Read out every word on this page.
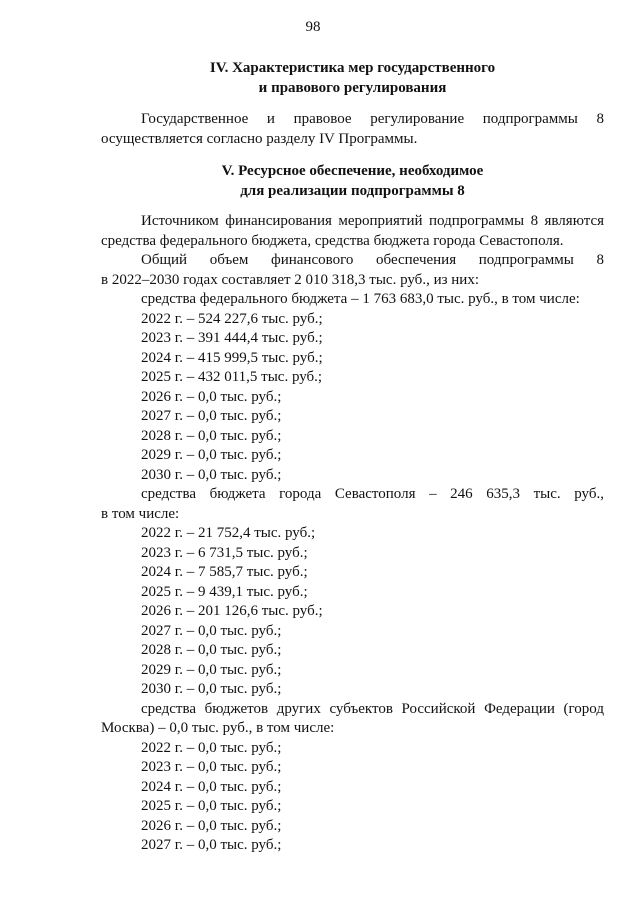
98
IV. Характеристика мер государственного
и правового регулирования
Государственное и правовое регулирование подпрограммы 8
осуществляется согласно разделу IV Программы.
V. Ресурсное обеспечение, необходимое
для реализации подпрограммы 8
Источником финансирования мероприятий подпрограммы 8 являются
средства федерального бюджета, средства бюджета города Севастополя.
Общий объем финансового обеспечения подпрограммы 8
в 2022–2030 годах составляет 2 010 318,3 тыс. руб., из них:
средства федерального бюджета – 1 763 683,0 тыс. руб., в том числе:
2022 г. – 524 227,6 тыс. руб.;
2023 г. – 391 444,4 тыс. руб.;
2024 г. – 415 999,5 тыс. руб.;
2025 г. – 432 011,5 тыс. руб.;
2026 г. – 0,0 тыс. руб.;
2027 г. – 0,0 тыс. руб.;
2028 г. – 0,0 тыс. руб.;
2029 г. – 0,0 тыс. руб.;
2030 г. – 0,0 тыс. руб.;
средства бюджета города Севастополя – 246 635,3 тыс. руб.,
в том числе:
2022 г. – 21 752,4 тыс. руб.;
2023 г. – 6 731,5 тыс. руб.;
2024 г. – 7 585,7 тыс. руб.;
2025 г. – 9 439,1 тыс. руб.;
2026 г. – 201 126,6 тыс. руб.;
2027 г. – 0,0 тыс. руб.;
2028 г. – 0,0 тыс. руб.;
2029 г. – 0,0 тыс. руб.;
2030 г. – 0,0 тыс. руб.;
средства бюджетов других субъектов Российской Федерации (город
Москва) – 0,0 тыс. руб., в том числе:
2022 г. – 0,0 тыс. руб.;
2023 г. – 0,0 тыс. руб.;
2024 г. – 0,0 тыс. руб.;
2025 г. – 0,0 тыс. руб.;
2026 г. – 0,0 тыс. руб.;
2027 г. – 0,0 тыс. руб.;
